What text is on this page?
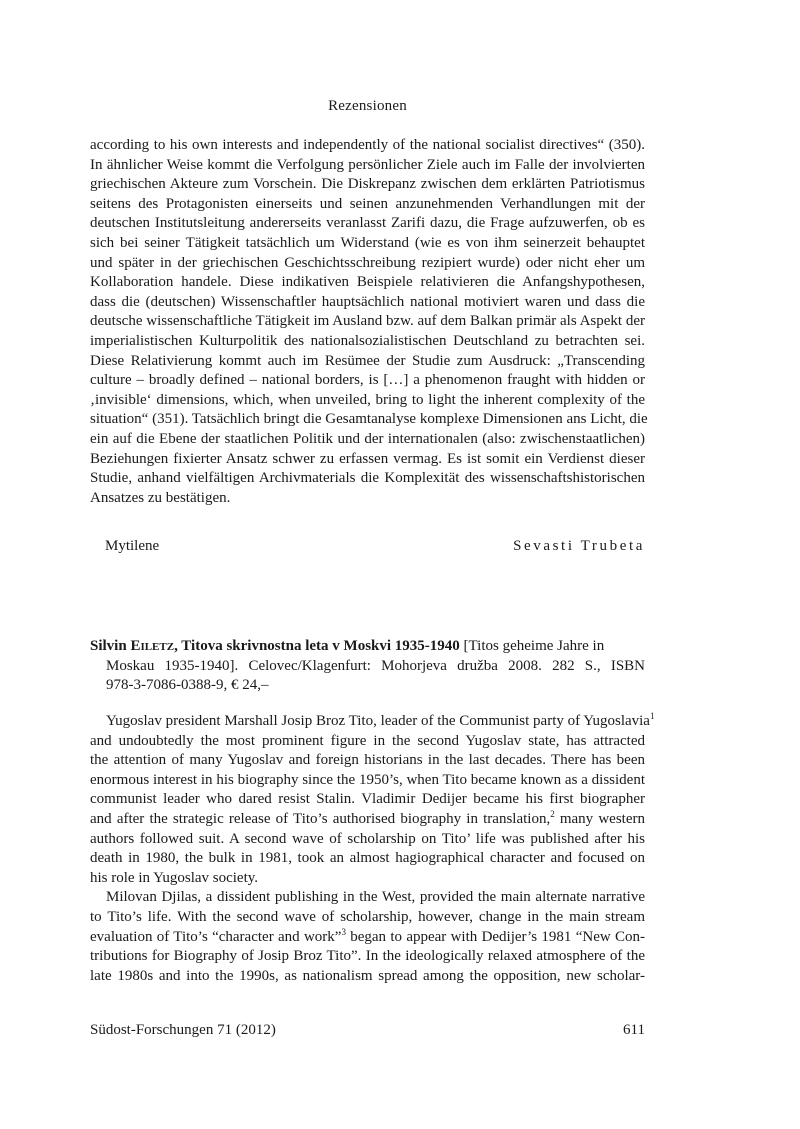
Rezensionen
according to his own interests and independently of the national socialist directives“ (350).
In ähnlicher Weise kommt die Verfolgung persönlicher Ziele auch im Falle der involvierten
griechischen Akteure zum Vorschein. Die Diskrepanz zwischen dem erklärten Patriotismus
seitens des Protagonisten einerseits und seinen anzunehmenden Verhandlungen mit der
deutschen Institutsleitung andererseits veranlasst Zarifi dazu, die Frage aufzuwerfen, ob es
sich bei seiner Tätigkeit tatsächlich um Widerstand (wie es von ihm seinerzeit behauptet
und später in der griechischen Geschichtsschreibung rezipiert wurde) oder nicht eher um
Kollaboration handele. Diese indikativen Beispiele relativieren die Anfangshypothesen,
dass die (deutschen) Wissenschaftler hauptsächlich national motiviert waren und dass die
deutsche wissenschaftliche Tätigkeit im Ausland bzw. auf dem Balkan primär als Aspekt der
imperialistischen Kulturpolitik des nationalsozialistischen Deutschland zu betrachten sei.
Diese Relativierung kommt auch im Resümee der Studie zum Ausdruck: „Transcending
culture – broadly defined – national borders, is […] a phenomenon fraught with hidden or
‚invisible‘ dimensions, which, when unveiled, bring to light the inherent complexity of the
situation“ (351). Tatsächlich bringt die Gesamtanalyse komplexe Dimensionen ans Licht, die
ein auf die Ebene der staatlichen Politik und der internationalen (also: zwischenstaatlichen)
Beziehungen fixierter Ansatz schwer zu erfassen vermag. Es ist somit ein Verdienst dieser
Studie, anhand vielfältigen Archivmaterials die Komplexität des wissenschaftshistorischen
Ansatzes zu bestätigen.
Mytilene	Sevasti Trubeta
Silvin Eiletz, Titova skrivnostna leta v Moskvi 1935-1940 [Titos geheime Jahre in
Moskau 1935-1940]. Celovec/Klagenfurt: Mohorjeva družba 2008. 282 S., ISBN
978-3-7086-0388-9, € 24,–
Yugoslav president Marshall Josip Broz Tito, leader of the Communist party of Yugoslavia$^1$
and undoubtedly the most prominent figure in the second Yugoslav state, has attracted
the attention of many Yugoslav and foreign historians in the last decades. There has been
enormous interest in his biography since the 1950’s, when Tito became known as a dissident
communist leader who dared resist Stalin. Vladimir Dedijer became his first biographer
and after the strategic release of Tito’s authorised biography in translation,$^2$ many western
authors followed suit. A second wave of scholarship on Tito’ life was published after his
death in 1980, the bulk in 1981, took an almost hagiographical character and focused on
his role in Yugoslav society.
Milovan Djilas, a dissident publishing in the West, provided the main alternate narrative
to Tito’s life. With the second wave of scholarship, however, change in the main stream
evaluation of Tito’s “character and work”$^3$ began to appear with Dedijer’s 1981 “New Con-
tributions for Biography of Josip Broz Tito”. In the ideologically relaxed atmosphere of the
late 1980s and into the 1990s, as nationalism spread among the opposition, new scholar-
Südost-Forschungen 71 (2012)	611
